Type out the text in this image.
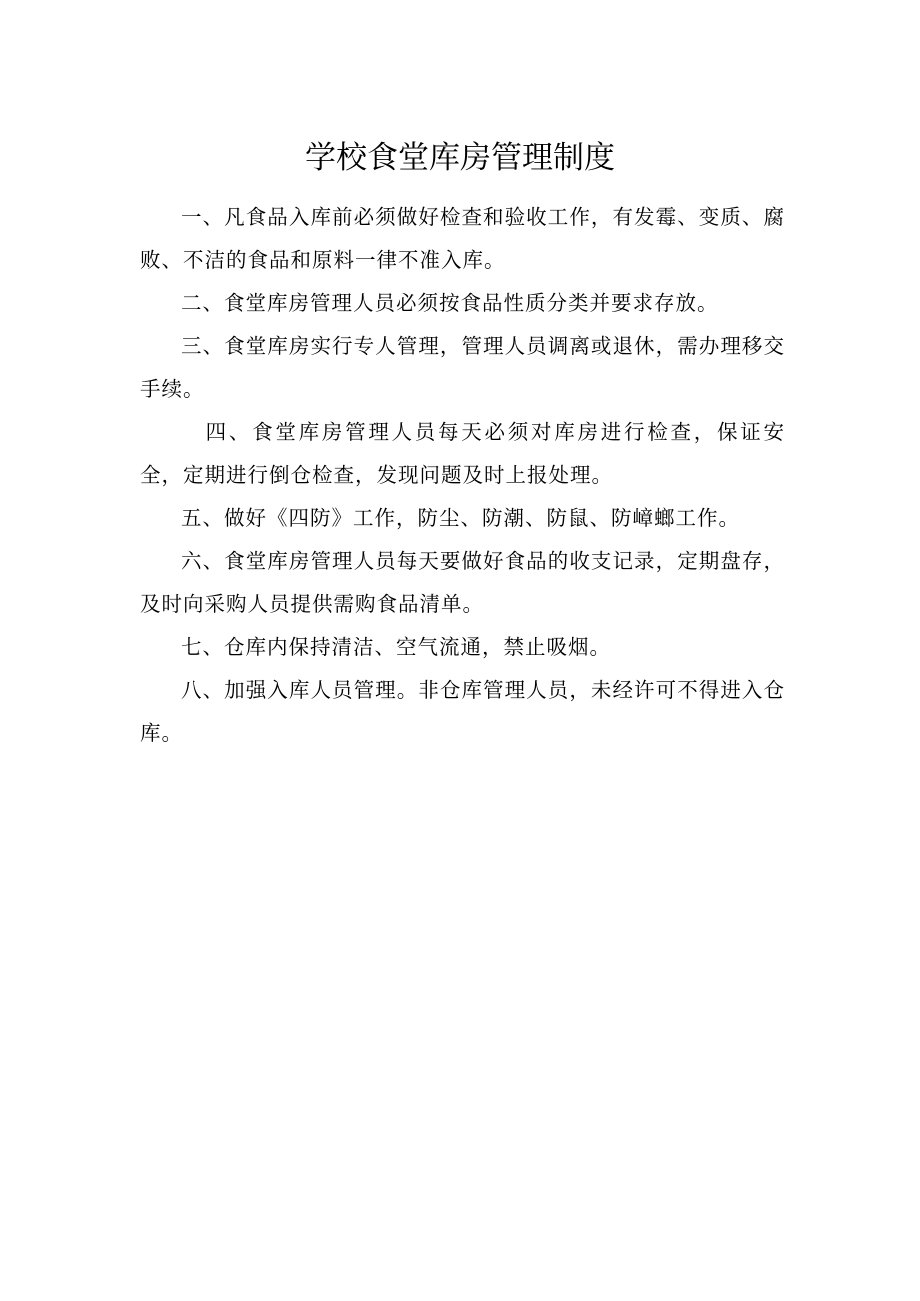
学校食堂库房管理制度

一、凡食品入库前必须做好检查和验收工作，有发霉、变质、腐败、不洁的食品和原料一律不准入库。

二、食堂库房管理人员必须按食品性质分类并要求存放。

三、食堂库房实行专人管理，管理人员调离或退休，需办理移交手续。

四、食堂库房管理人员每天必须对库房进行检查，保证安全，定期进行倒仓检查，发现问题及时上报处理。

五、做好《四防》工作，防尘、防潮、防鼠、防嶂螂工作。

六、食堂库房管理人员每天要做好食品的收支记录，定期盘存，及时向采购人员提供需购食品清单。

七、仓库内保持清洁、空气流通，禁止吸烟。

八、加强入库人员管理。非仓库管理人员，未经许可不得进入仓库。
